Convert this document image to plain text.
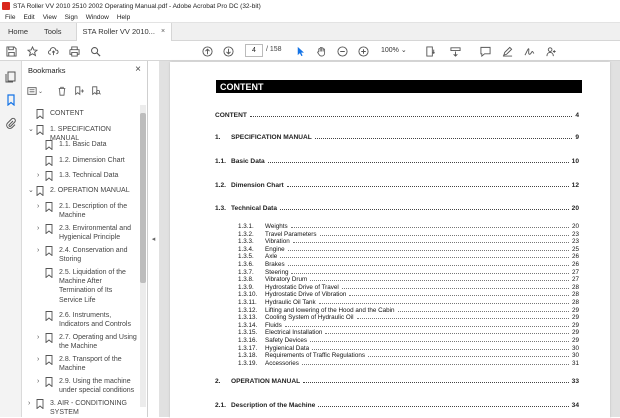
STA Roller VV 2010 2510 2002 Operating Manual.pdf - Adobe Acrobat Pro DC (32-bit)
File Edit View Sign Window Help
Home	Tools	STA Roller VV 2010... ×
4	/ 158	100% ⌄
Bookmarks	×
⌄
CONTENT
⌄	1. SPECIFICATION MANUAL
1.1. Basic Data
1.2. Dimension Chart
›	1.3. Technical Data
⌄	2. OPERATION MANUAL
›	2.1. Description of the Machine
›	2.3. Environmental and Hygienical Principle
›	2.4. Conservation and Storing
2.5. Liquidation of the Machine After Termination of Its Service Life
2.6. Instruments, Indicators and Controls
›	2.7. Operating and Using the Machine
›	2.8. Transport of the Machine
›	2.9. Using the machine under special conditions
›	3. AIR - CONDITIONING SYSTEM
◂
CONTENT
CONTENT	4
1.	SPECIFICATION MANUAL	9
1.1. Basic Data	10
1.2. Dimension Chart	12
1.3. Technical Data	20
1.3.1.	Weights	20
1.3.2.	Travel Parameters	23
1.3.3.	Vibration	23
1.3.4.	Engine	25
1.3.5.	Axle	26
1.3.6.	Brakes	26
1.3.7.	Steering	27
1.3.8.	Vibratory Drum	27
1.3.9.	Hydrostatic Drive of Travel	28
1.3.10.	Hydrostatic Drive of Vibration	28
1.3.11.	Hydraulic Oil Tank	28
1.3.12.	Lifting and lowering of the Hood and the Cabin	29
1.3.13.	Cooling System of Hydraulic Oil	29
1.3.14.	Fluids	29
1.3.15.	Electrical Installation	29
1.3.16.	Safety Devices	29
1.3.17.	Hygienical Data	30
1.3.18.	Requirements of Traffic Regulations	30
1.3.19.	Accessories	31
2.	OPERATION MANUAL	33
2.1. Description of the Machine	34
